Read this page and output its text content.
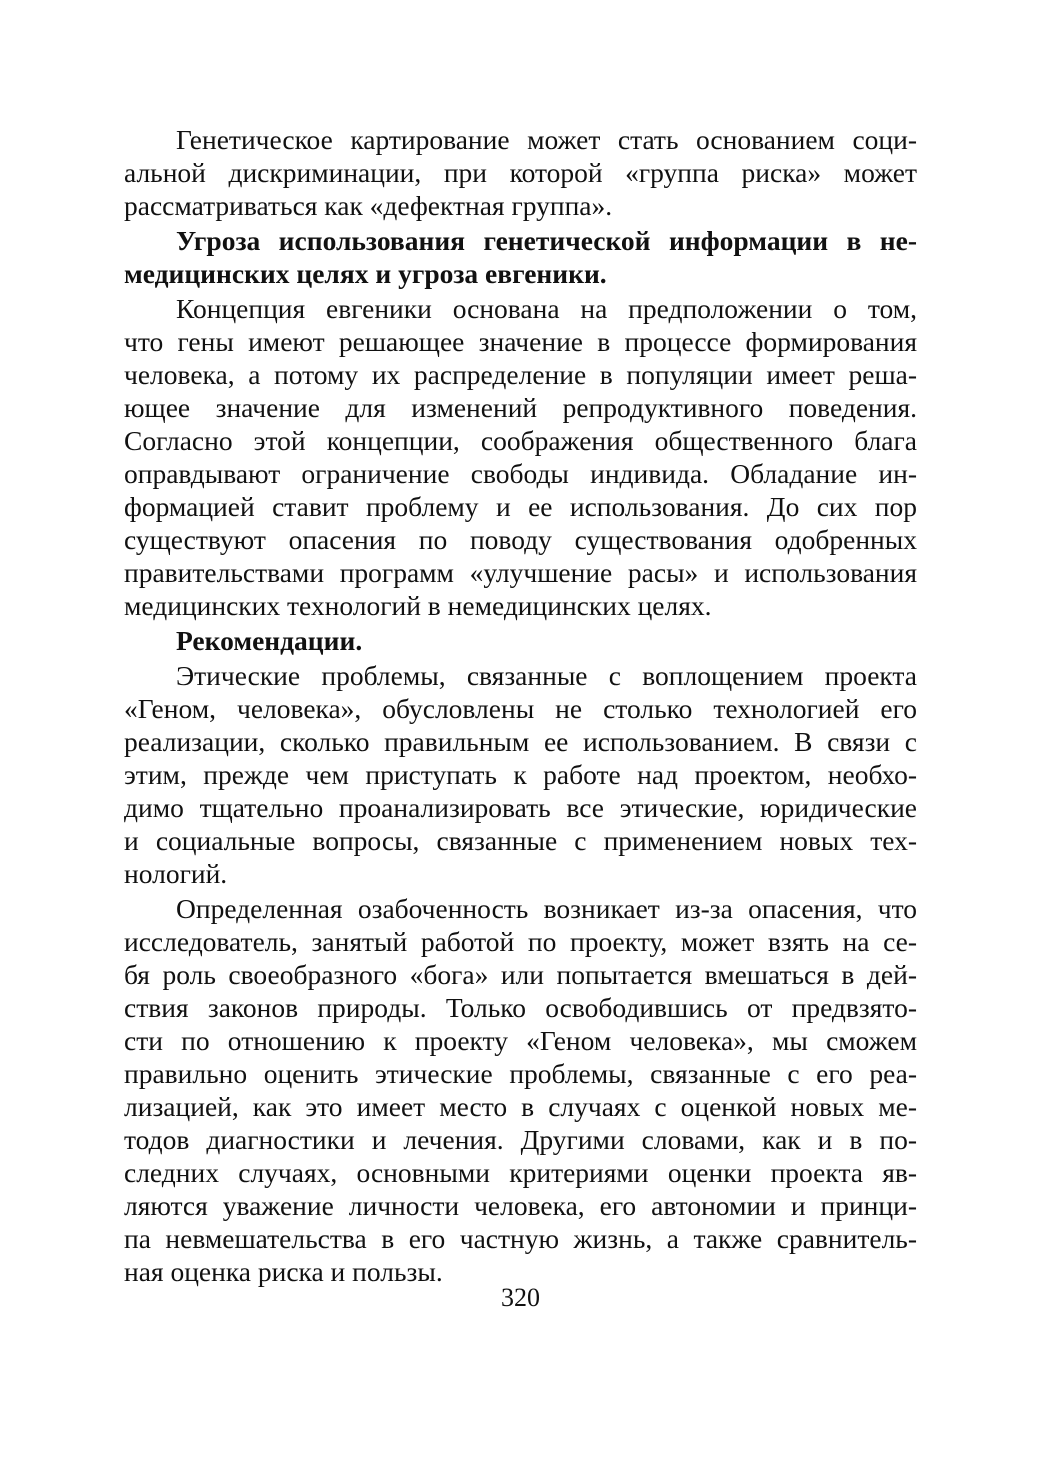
Генетическое картирование может стать основанием соци-
альной дискриминации, при которой «группа риска» может
рассматриваться как «дефектная группа».
Угроза использования генетической информации в не-
медицинских целях и угроза евгеники.
Концепция евгеники основана на предположении о том,
что гены имеют решающее значение в процессе формирования
человека, а потому их распределение в популяции имеет реша-
ющее значение для изменений репродуктивного поведения.
Согласно этой концепции, соображения общественного блага
оправдывают ограничение свободы индивида. Обладание ин-
формацией ставит проблему и ее использования. До сих пор
существуют опасения по поводу существования одобренных
правительствами программ «улучшение расы» и использования
медицинских технологий в немедицинских целях.
Рекомендации.
Этические проблемы, связанные с воплощением проекта
«Геном, человека», обусловлены не столько технологией его
реализации, сколько правильным ее использованием. В связи с
этим, прежде чем приступать к работе над проектом, необхо-
димо тщательно проанализировать все этические, юридические
и социальные вопросы, связанные с применением новых тех-
нологий.
Определенная озабоченность возникает из-за опасения, что
исследователь, занятый работой по проекту, может взять на се-
бя роль своеобразного «бога» или попытается вмешаться в дей-
ствия законов природы. Только освободившись от предвзято-
сти по отношению к проекту «Геном человека», мы сможем
правильно оценить этические проблемы, связанные с его реа-
лизацией, как это имеет место в случаях с оценкой новых ме-
тодов диагностики и лечения. Другими словами, как и в по-
следних случаях, основными критериями оценки проекта яв-
ляются уважение личности человека, его автономии и принци-
па невмешательства в его частную жизнь, а также сравнитель-
ная оценка риска и пользы.
320
